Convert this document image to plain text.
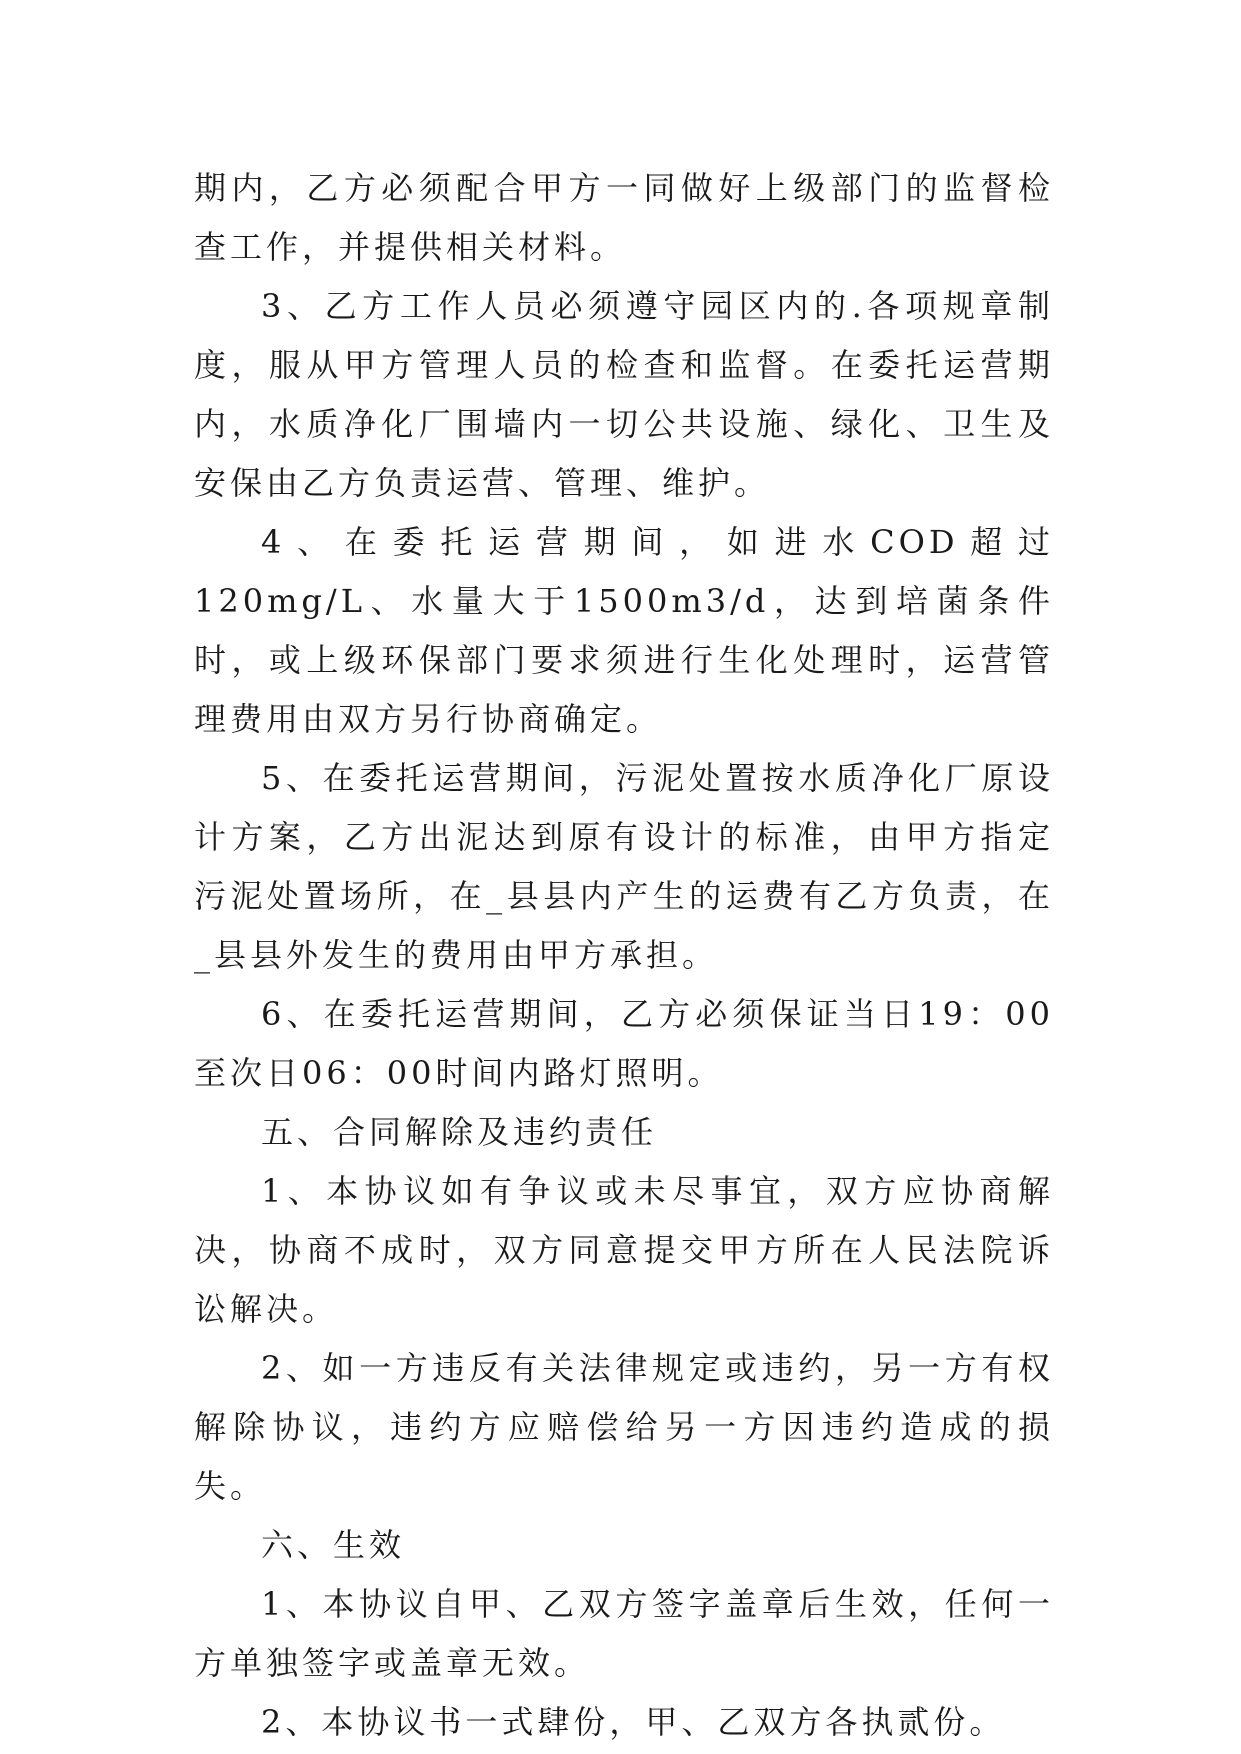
期内，乙方必须配合甲方一同做好上级部门的监督检查工作，并提供相关材料。

3、乙方工作人员必须遵守园区内的.各项规章制度，服从甲方管理人员的检查和监督。在委托运营期内，水质净化厂围墙内一切公共设施、绿化、卫生及安保由乙方负责运营、管理、维护。

4、在委托运营期间，如进水COD超过120mg/L、水量大于1500m3/d，达到培菌条件时，或上级环保部门要求须进行生化处理时，运营管理费用由双方另行协商确定。

5、在委托运营期间，污泥处置按水质净化厂原设计方案，乙方出泥达到原有设计的标准，由甲方指定污泥处置场所，在_县县内产生的运费有乙方负责，在_县县外发生的费用由甲方承担。

6、在委托运营期间，乙方必须保证当日19：00至次日06：00时间内路灯照明。

五、合同解除及违约责任

1、本协议如有争议或未尽事宜，双方应协商解决，协商不成时，双方同意提交甲方所在人民法院诉讼解决。

2、如一方违反有关法律规定或违约，另一方有权解除协议，违约方应赔偿给另一方因违约造成的损失。

六、生效

1、本协议自甲、乙双方签字盖章后生效，任何一方单独签字或盖章无效。

2、本协议书一式肆份，甲、乙双方各执贰份。
